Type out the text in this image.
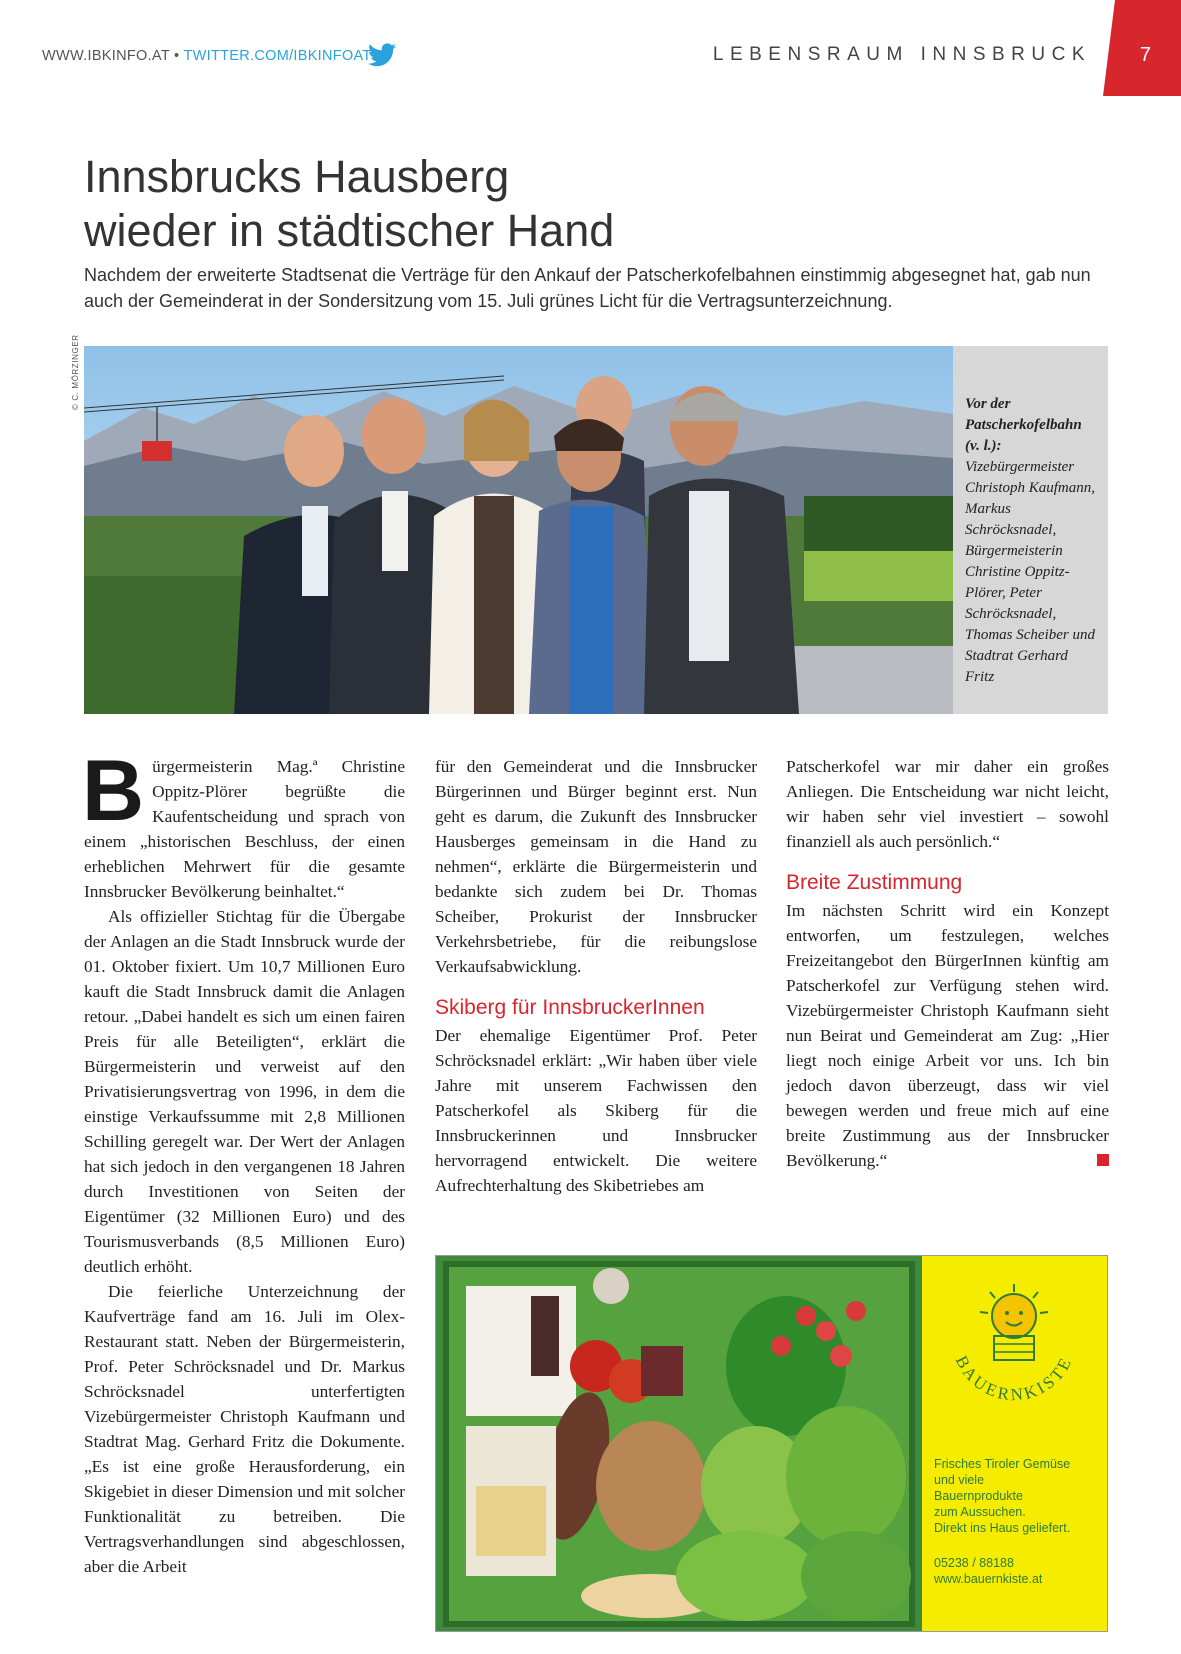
WWW.IBKINFO.AT • TWITTER.COM/IBKINFOAT	LEBENSRAUM INNSBRUCK 7
Innsbrucks Hausberg
wieder in städtischer Hand

Nachdem der erweiterte Stadtsenat die Verträge für den Ankauf der Patscherkofelbahnen einstimmig abgesegnet hat, gab nun auch der Gemeinderat in der Sondersitzung vom 15. Juli grünes Licht für die Vertragsunterzeichnung.

© C. MÖRZINGER	Vor der Patscherkofelbahn (v. l.): Vizebürgermeister Christoph Kaufmann, Markus Schröcksnadel, Bürgermeisterin Christine Oppitz-Plörer, Peter Schröcksnadel, Thomas Scheiber und Stadtrat Gerhard Fritz

Bürgermeisterin Mag.ª Christine Oppitz-Plörer begrüßte die Kaufentscheidung und sprach von einem „historischen Beschluss, der einen erheblichen Mehrwert für die gesamte Innsbrucker Bevölkerung beinhaltet.“

Als offizieller Stichtag für die Übergabe der Anlagen an die Stadt Innsbruck wurde der 01. Oktober fixiert. Um 10,7 Millionen Euro kauft die Stadt Innsbruck damit die Anlagen retour. „Dabei handelt es sich um einen fairen Preis für alle Beteiligten“, erklärt die Bürgermeisterin und verweist auf den Privatisierungsvertrag von 1996, in dem die einstige Verkaufssumme mit 2,8 Millionen Schilling geregelt war. Der Wert der Anlagen hat sich jedoch in den vergangenen 18 Jahren durch Investitionen von Seiten der Eigentümer (32 Millionen Euro) und des Tourismusverbands (8,5 Millionen Euro) deutlich erhöht.

Die feierliche Unterzeichnung der Kaufverträge fand am 16. Juli im Olex-Restaurant statt. Neben der Bürgermeisterin, Prof. Peter Schröcksnadel und Dr. Markus Schröcksnadel unterfertigten Vizebürgermeister Christoph Kaufmann und Stadtrat Mag. Gerhard Fritz die Dokumente. „Es ist eine große Herausforderung, ein Skigebiet in dieser Dimension und mit solcher Funktionalität zu betreiben. Die Vertragsverhandlungen sind abgeschlossen, aber die Arbeit

für den Gemeinderat und die Innsbrucker Bürgerinnen und Bürger beginnt erst. Nun geht es darum, die Zukunft des Innsbrucker Hausberges gemeinsam in die Hand zu nehmen“, erklärte die Bürgermeisterin und bedankte sich zudem bei Dr. Thomas Scheiber, Prokurist der Innsbrucker Verkehrsbetriebe, für die reibungslose Verkaufsabwicklung.

Skiberg für InnsbruckerInnen

Der ehemalige Eigentümer Prof. Peter Schröcksnadel erklärt: „Wir haben über viele Jahre mit unserem Fachwissen den Patscherkofel als Skiberg für die Innsbruckerinnen und Innsbrucker hervorragend entwickelt. Die weitere Aufrechterhaltung des Skibetriebes am

Patscherkofel war mir daher ein großes Anliegen. Die Entscheidung war nicht leicht, wir haben sehr viel investiert – sowohl finanziell als auch persönlich.“

Breite Zustimmung

Im nächsten Schritt wird ein Konzept entworfen, um festzulegen, welches Freizeitangebot den BürgerInnen künftig am Patscherkofel zur Verfügung stehen wird. Vizebürgermeister Christoph Kaufmann sieht nun Beirat und Gemeinderat am Zug: „Hier liegt noch einige Arbeit vor uns. Ich bin jedoch davon überzeugt, dass wir viel bewegen werden und freue mich auf eine breite Zustimmung aus der Innsbrucker Bevölkerung.“

BAUERNKISTE

Frisches Tiroler Gemüse

und viele

Bauernprodukte

zum Aussuchen.

Direkt ins Haus geliefert.

05238 / 88188

www.bauernkiste.at
